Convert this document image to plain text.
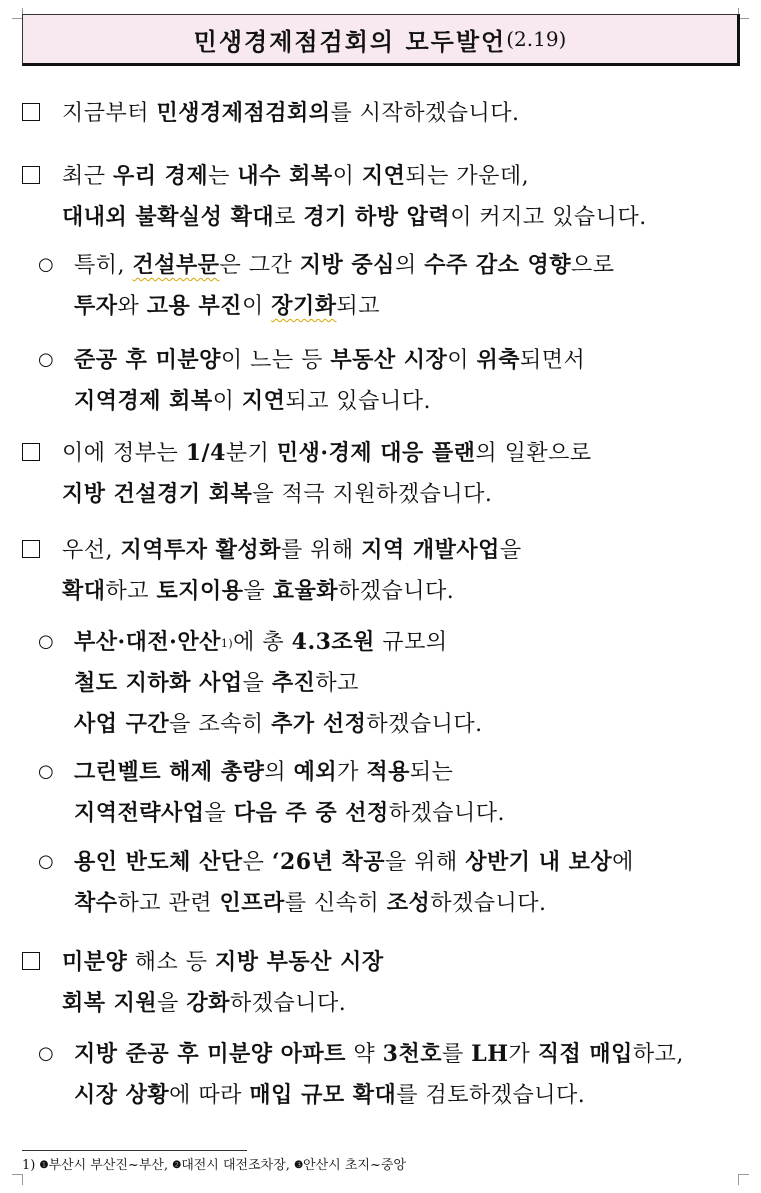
민생경제점검회의 모두발언 (2.19)
지금부터 민생경제점검회의를 시작하겠습니다.
최근 우리 경제는 내수 회복이 지연되는 가운데,
대내외 불확실성 확대로 경기 하방 압력이 커지고 있습니다.
○ 특히, 건설부문은 그간 지방 중심의 수주 감소 영향으로
투자와 고용 부진이 장기화되고
○ 준공 후 미분양이 느는 등 부동산 시장이 위축되면서
지역경제 회복이 지연되고 있습니다.
이에 정부는 1/4분기 민생·경제 대응 플랜의 일환으로
지방 건설경기 회복을 적극 지원하겠습니다.
우선, 지역투자 활성화를 위해 지역 개발사업을
확대하고 토지이용을 효율화하겠습니다.
○ 부산·대전·안산$^{1)}$에 총 4.3조원 규모의
철도 지하화 사업을 추진하고
사업 구간을 조속히 추가 선정하겠습니다.
○ 그린벨트 해제 총량의 예외가 적용되는
지역전략사업을 다음 주 중 선정하겠습니다.
○ 용인 반도체 산단은 ‘26년 착공을 위해 상반기 내 보상에
착수하고 관련 인프라를 신속히 조성하겠습니다.
미분양 해소 등 지방 부동산 시장
회복 지원을 강화하겠습니다.
○ 지방 준공 후 미분양 아파트 약 3천호를 LH가 직접 매입하고,
시장 상황에 따라 매입 규모 확대를 검토하겠습니다.
1) $^❶$부산시 부산진~부산, $^❷$대전시 대전조차장, $^❸$안산시 초지~중앙
